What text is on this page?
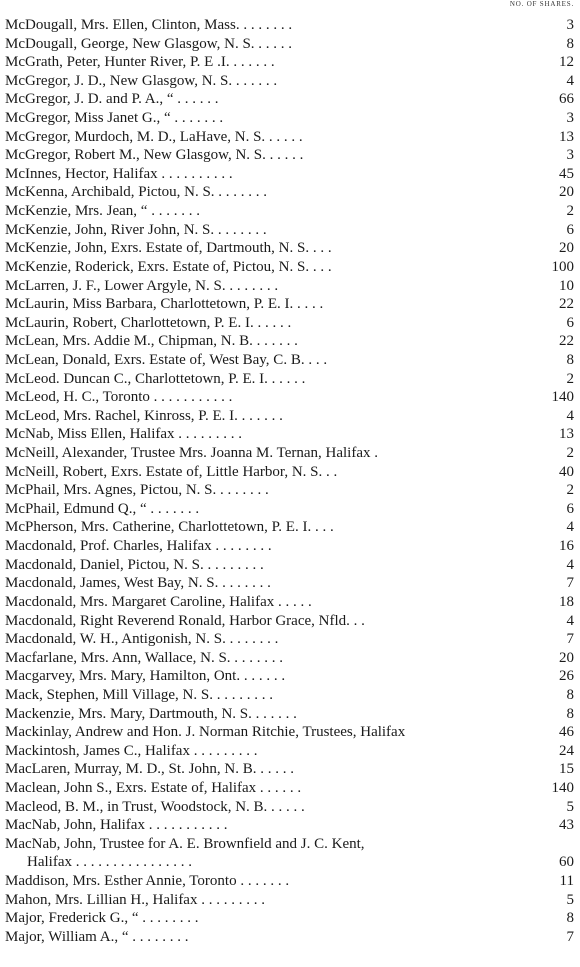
NO. OF SHARES.
McDougall, Mrs. Ellen, Clinton, Mass. . . . . . . .	3
McDougall, George, New Glasgow, N. S. . . . . .	8
McGrath, Peter, Hunter River, P. E .I. . . . . . .	12
McGregor, J. D., New Glasgow, N. S. . . . . . .	4
McGregor, J. D. and P. A., “ . . . . . .	66
McGregor, Miss Janet G., “ . . . . . . .	3
McGregor, Murdoch, M. D., LaHave, N. S. . . . . .	13
McGregor, Robert M., New Glasgow, N. S. . . . . .	3
McInnes, Hector, Halifax . . . . . . . . . .	45
McKenna, Archibald, Pictou, N. S. . . . . . . .	20
McKenzie, Mrs. Jean, “ . . . . . . .	2
McKenzie, John, River John, N. S. . . . . . . .	6
McKenzie, John, Exrs. Estate of, Dartmouth, N. S. . . .	20
McKenzie, Roderick, Exrs. Estate of, Pictou, N. S. . . .	100
McLarren, J. F., Lower Argyle, N. S. . . . . . . .	10
McLaurin, Miss Barbara, Charlottetown, P. E. I. . . . .	22
McLaurin, Robert, Charlottetown, P. E. I. . . . . .	6
McLean, Mrs. Addie M., Chipman, N. B. . . . . . .	22
McLean, Donald, Exrs. Estate of, West Bay, C. B. . . .	8
McLeod. Duncan C., Charlottetown, P. E. I. . . . . .	2
McLeod, H. C., Toronto . . . . . . . . . . .	140
McLeod, Mrs. Rachel, Kinross, P. E. I. . . . . . .	4
McNab, Miss Ellen, Halifax . . . . . . . . .	13
McNeill, Alexander, Trustee Mrs. Joanna M. Ternan, Halifax .	2
McNeill, Robert, Exrs. Estate of, Little Harbor, N. S. . .	40
McPhail, Mrs. Agnes, Pictou, N. S. . . . . . . .	2
McPhail, Edmund Q., “ . . . . . . .	6
McPherson, Mrs. Catherine, Charlottetown, P. E. I. . . .	4
Macdonald, Prof. Charles, Halifax . . . . . . . .	16
Macdonald, Daniel, Pictou, N. S. . . . . . . . .	4
Macdonald, James, West Bay, N. S. . . . . . . .	7
Macdonald, Mrs. Margaret Caroline, Halifax . . . . .	18
Macdonald, Right Reverend Ronald, Harbor Grace, Nfld. . .	4
Macdonald, W. H., Antigonish, N. S. . . . . . . .	7
Macfarlane, Mrs. Ann, Wallace, N. S. . . . . . . .	20
Macgarvey, Mrs. Mary, Hamilton, Ont. . . . . . .	26
Mack, Stephen, Mill Village, N. S. . . . . . . . .	8
Mackenzie, Mrs. Mary, Dartmouth, N. S. . . . . . .	8
Mackinlay, Andrew and Hon. J. Norman Ritchie, Trustees, Halifax	46
Mackintosh, James C., Halifax . . . . . . . . .	24
MacLaren, Murray, M. D., St. John, N. B. . . . . .	15
Maclean, John S., Exrs. Estate of, Halifax . . . . . .	140
Macleod, B. M., in Trust, Woodstock, N. B. . . . . .	5
MacNab, John, Halifax . . . . . . . . . . .	43
MacNab, John, Trustee for A. E. Brownfield and J. C. Kent,
Halifax . . . . . . . . . . . . . . . .	60
Maddison, Mrs. Esther Annie, Toronto . . . . . . .	11
Mahon, Mrs. Lillian H., Halifax . . . . . . . . .	5
Major, Frederick G., “ . . . . . . . .	8
Major, William A., “ . . . . . . . .	7
